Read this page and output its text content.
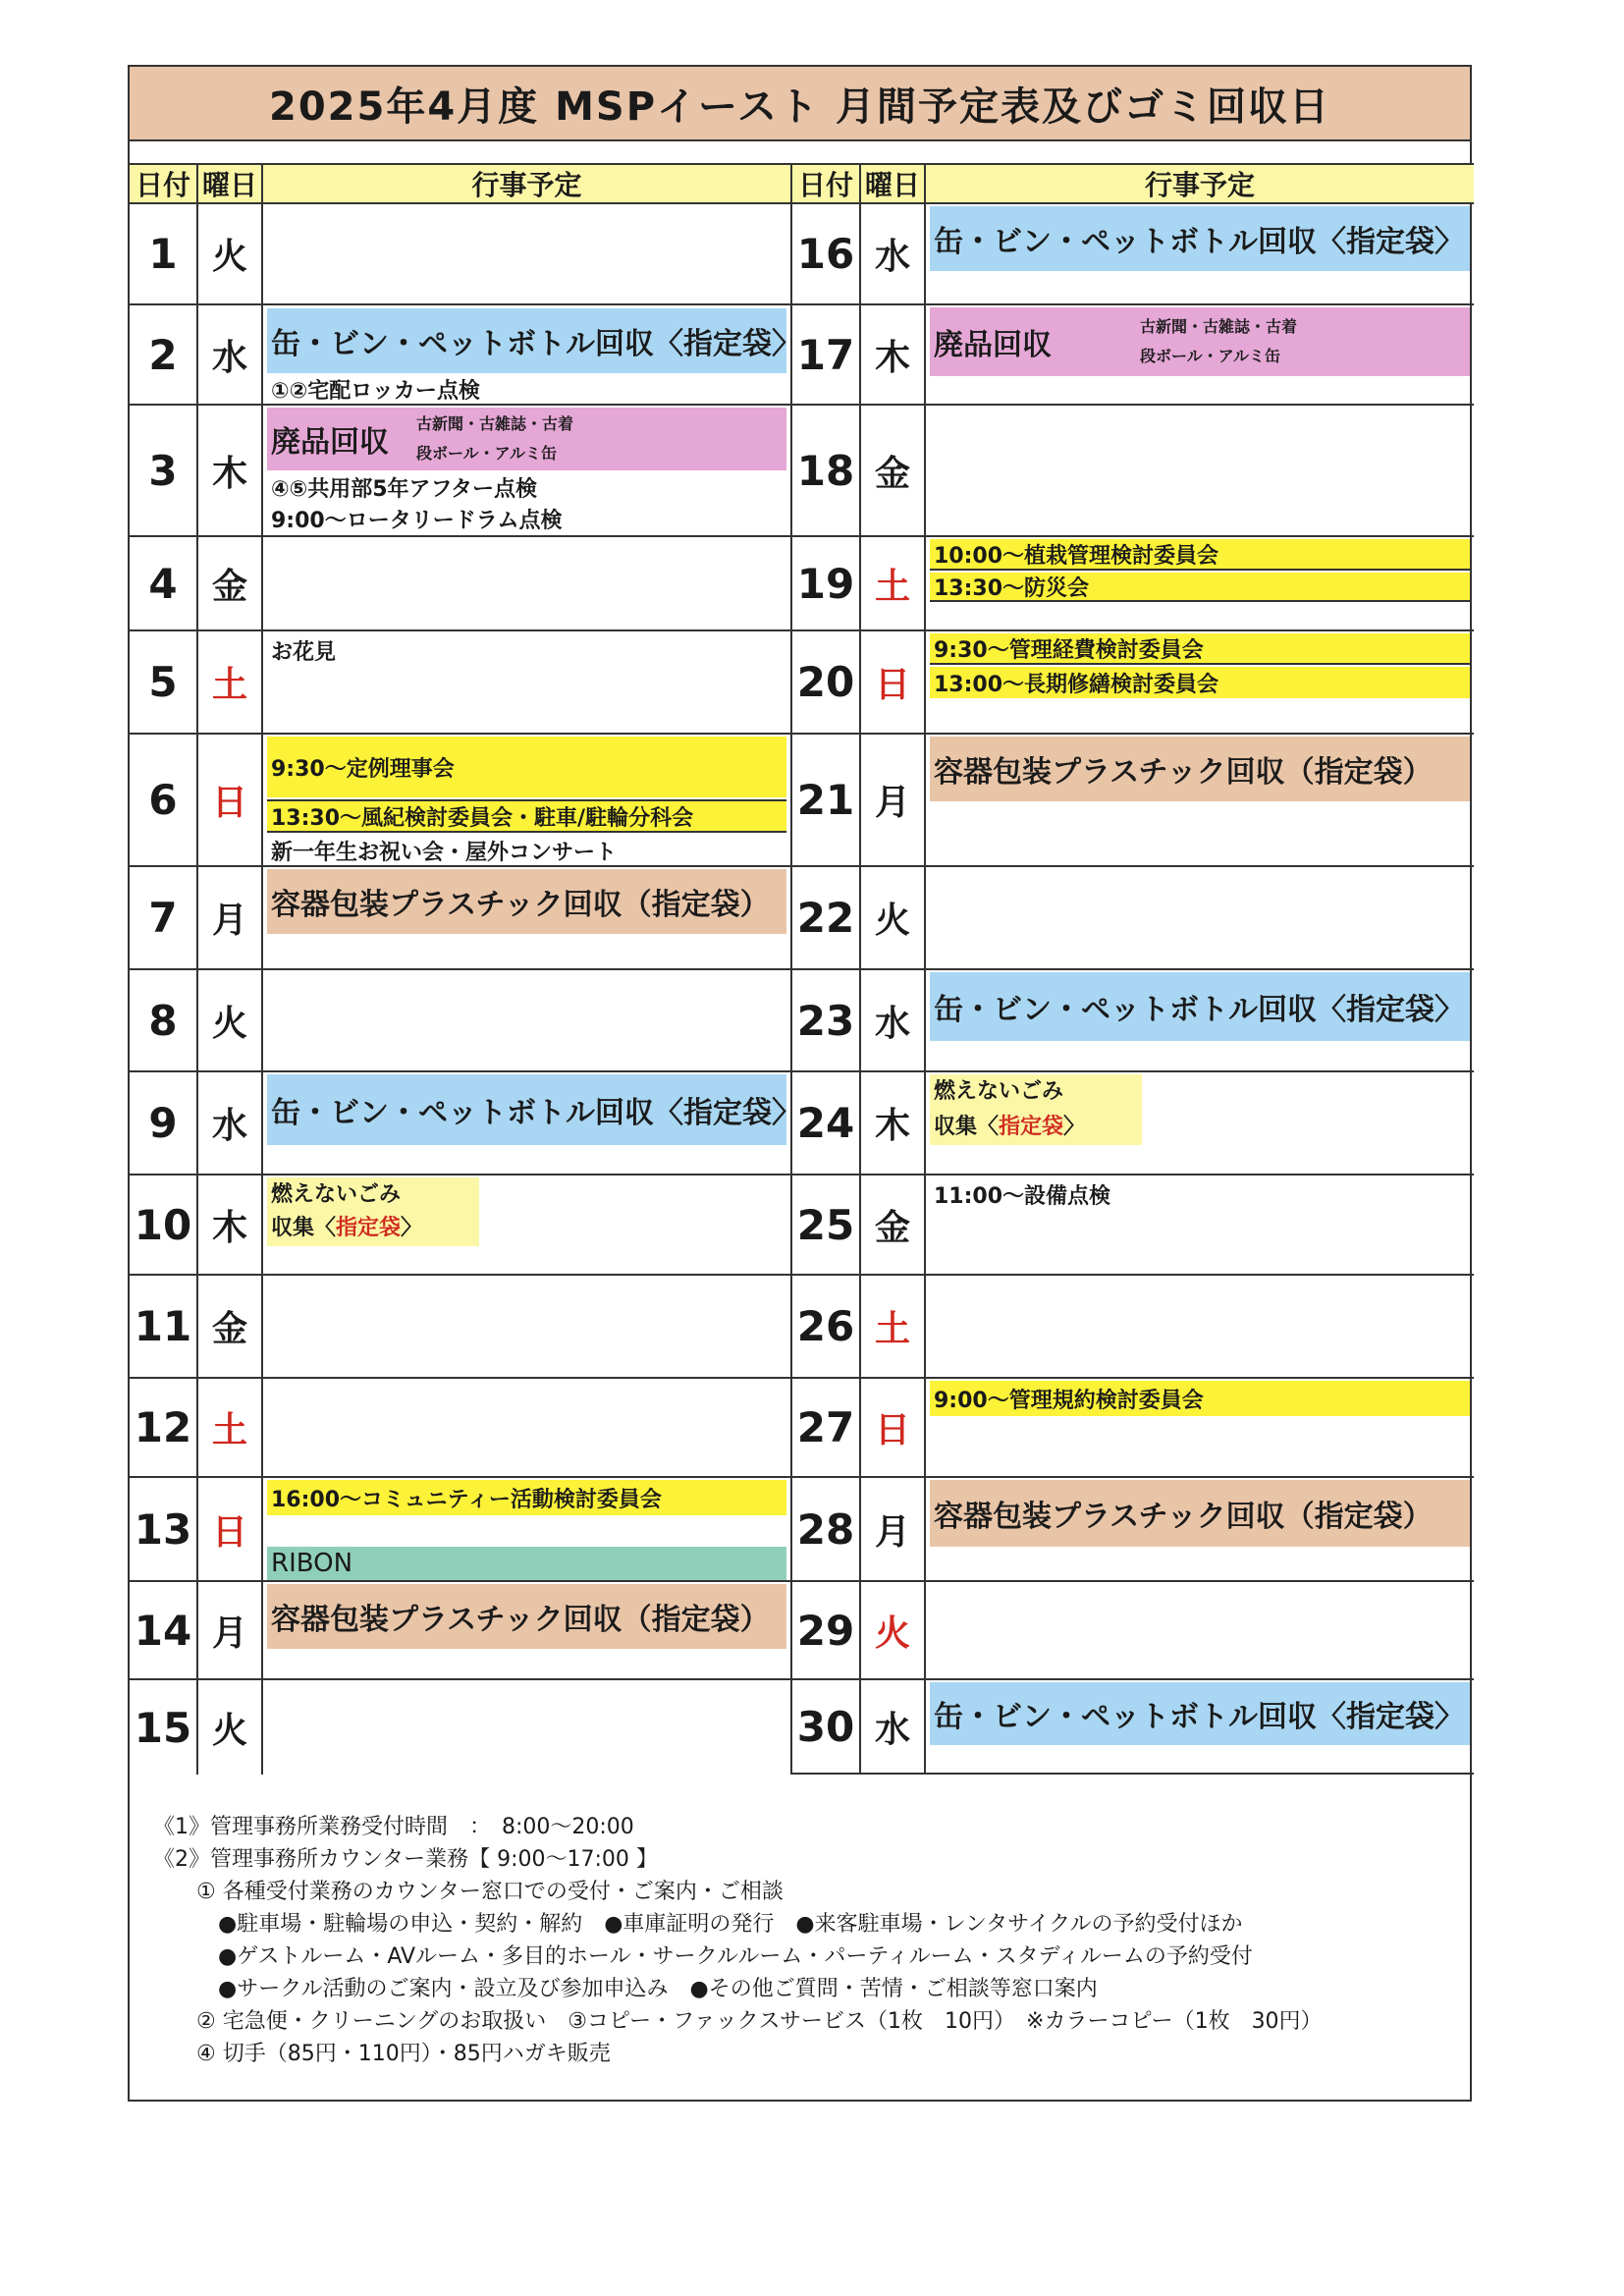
2025年4月度 MSPイースト 月間予定表及びゴミ回収日
日付 曜日	行事予定
1 火
2 水 缶・ビン・ペットボトル回収〈指定袋〉
①②宅配ロッカー点検
3 木
廃品回収
古新聞・古雑誌・古着
段ボール・アルミ缶
④⑤共用部5年アフター点検
9:00～ロータリードラム点検
4 金
5 土
お花見
6 日
9:30～定例理事会
13:30～風紀検討委員会・駐車/駐輪分科会
新一年生お祝い会・屋外コンサート
7 月 容器包装プラスチック回収（指定袋）
8 火
9 水 缶・ビン・ペットボトル回収〈指定袋〉
10 木
燃えないごみ
収集〈指定袋〉
11 金
12 土
13 日
16:00～コミュニティー活動検討委員会
RIBON
14 月 容器包装プラスチック回収（指定袋）
15 火
日付 曜日	行事予定
16 水 缶・ビン・ペットボトル回収〈指定袋〉
17 木 廃品回収
古新聞・古雑誌・古着
段ボール・アルミ缶
18 金
19 土
10:00～植栽管理検討委員会
13:30～防災会
20 日
9:30～管理経費検討委員会
13:00～長期修繕検討委員会
21 月
容器包装プラスチック回収（指定袋）
22 火
23 水 缶・ビン・ペットボトル回収〈指定袋〉
24 木
燃えないごみ
収集〈指定袋〉
25 金
11:00～設備点検
26 土
27 日
9:00～管理規約検討委員会
28 月 容器包装プラスチック回収（指定袋）
29 火
30 水 缶・ビン・ペットボトル回収〈指定袋〉
《1》管理事務所業務受付時間　：　8:00～20:00
《2》管理事務所カウンター業務【 9:00～17:00 】
　　① 各種受付業務のカウンター窓口での受付・ご案内・ご相談
　　　●駐車場・駐輪場の申込・契約・解約　●車庫証明の発行　●来客駐車場・レンタサイクルの予約受付ほか
　　　●ゲストルーム・AVルーム・多目的ホール・サークルルーム・パーティルーム・スタディルームの予約受付
　　　●サークル活動のご案内・設立及び参加申込み　●その他ご質問・苦情・ご相談等窓口案内
　　② 宅急便・クリーニングのお取扱い　③コピー・ファックスサービス（1枚　10円）　※カラーコピー（1枚　30円）
　　④ 切手（85円・110円）・85円ハガキ販売
